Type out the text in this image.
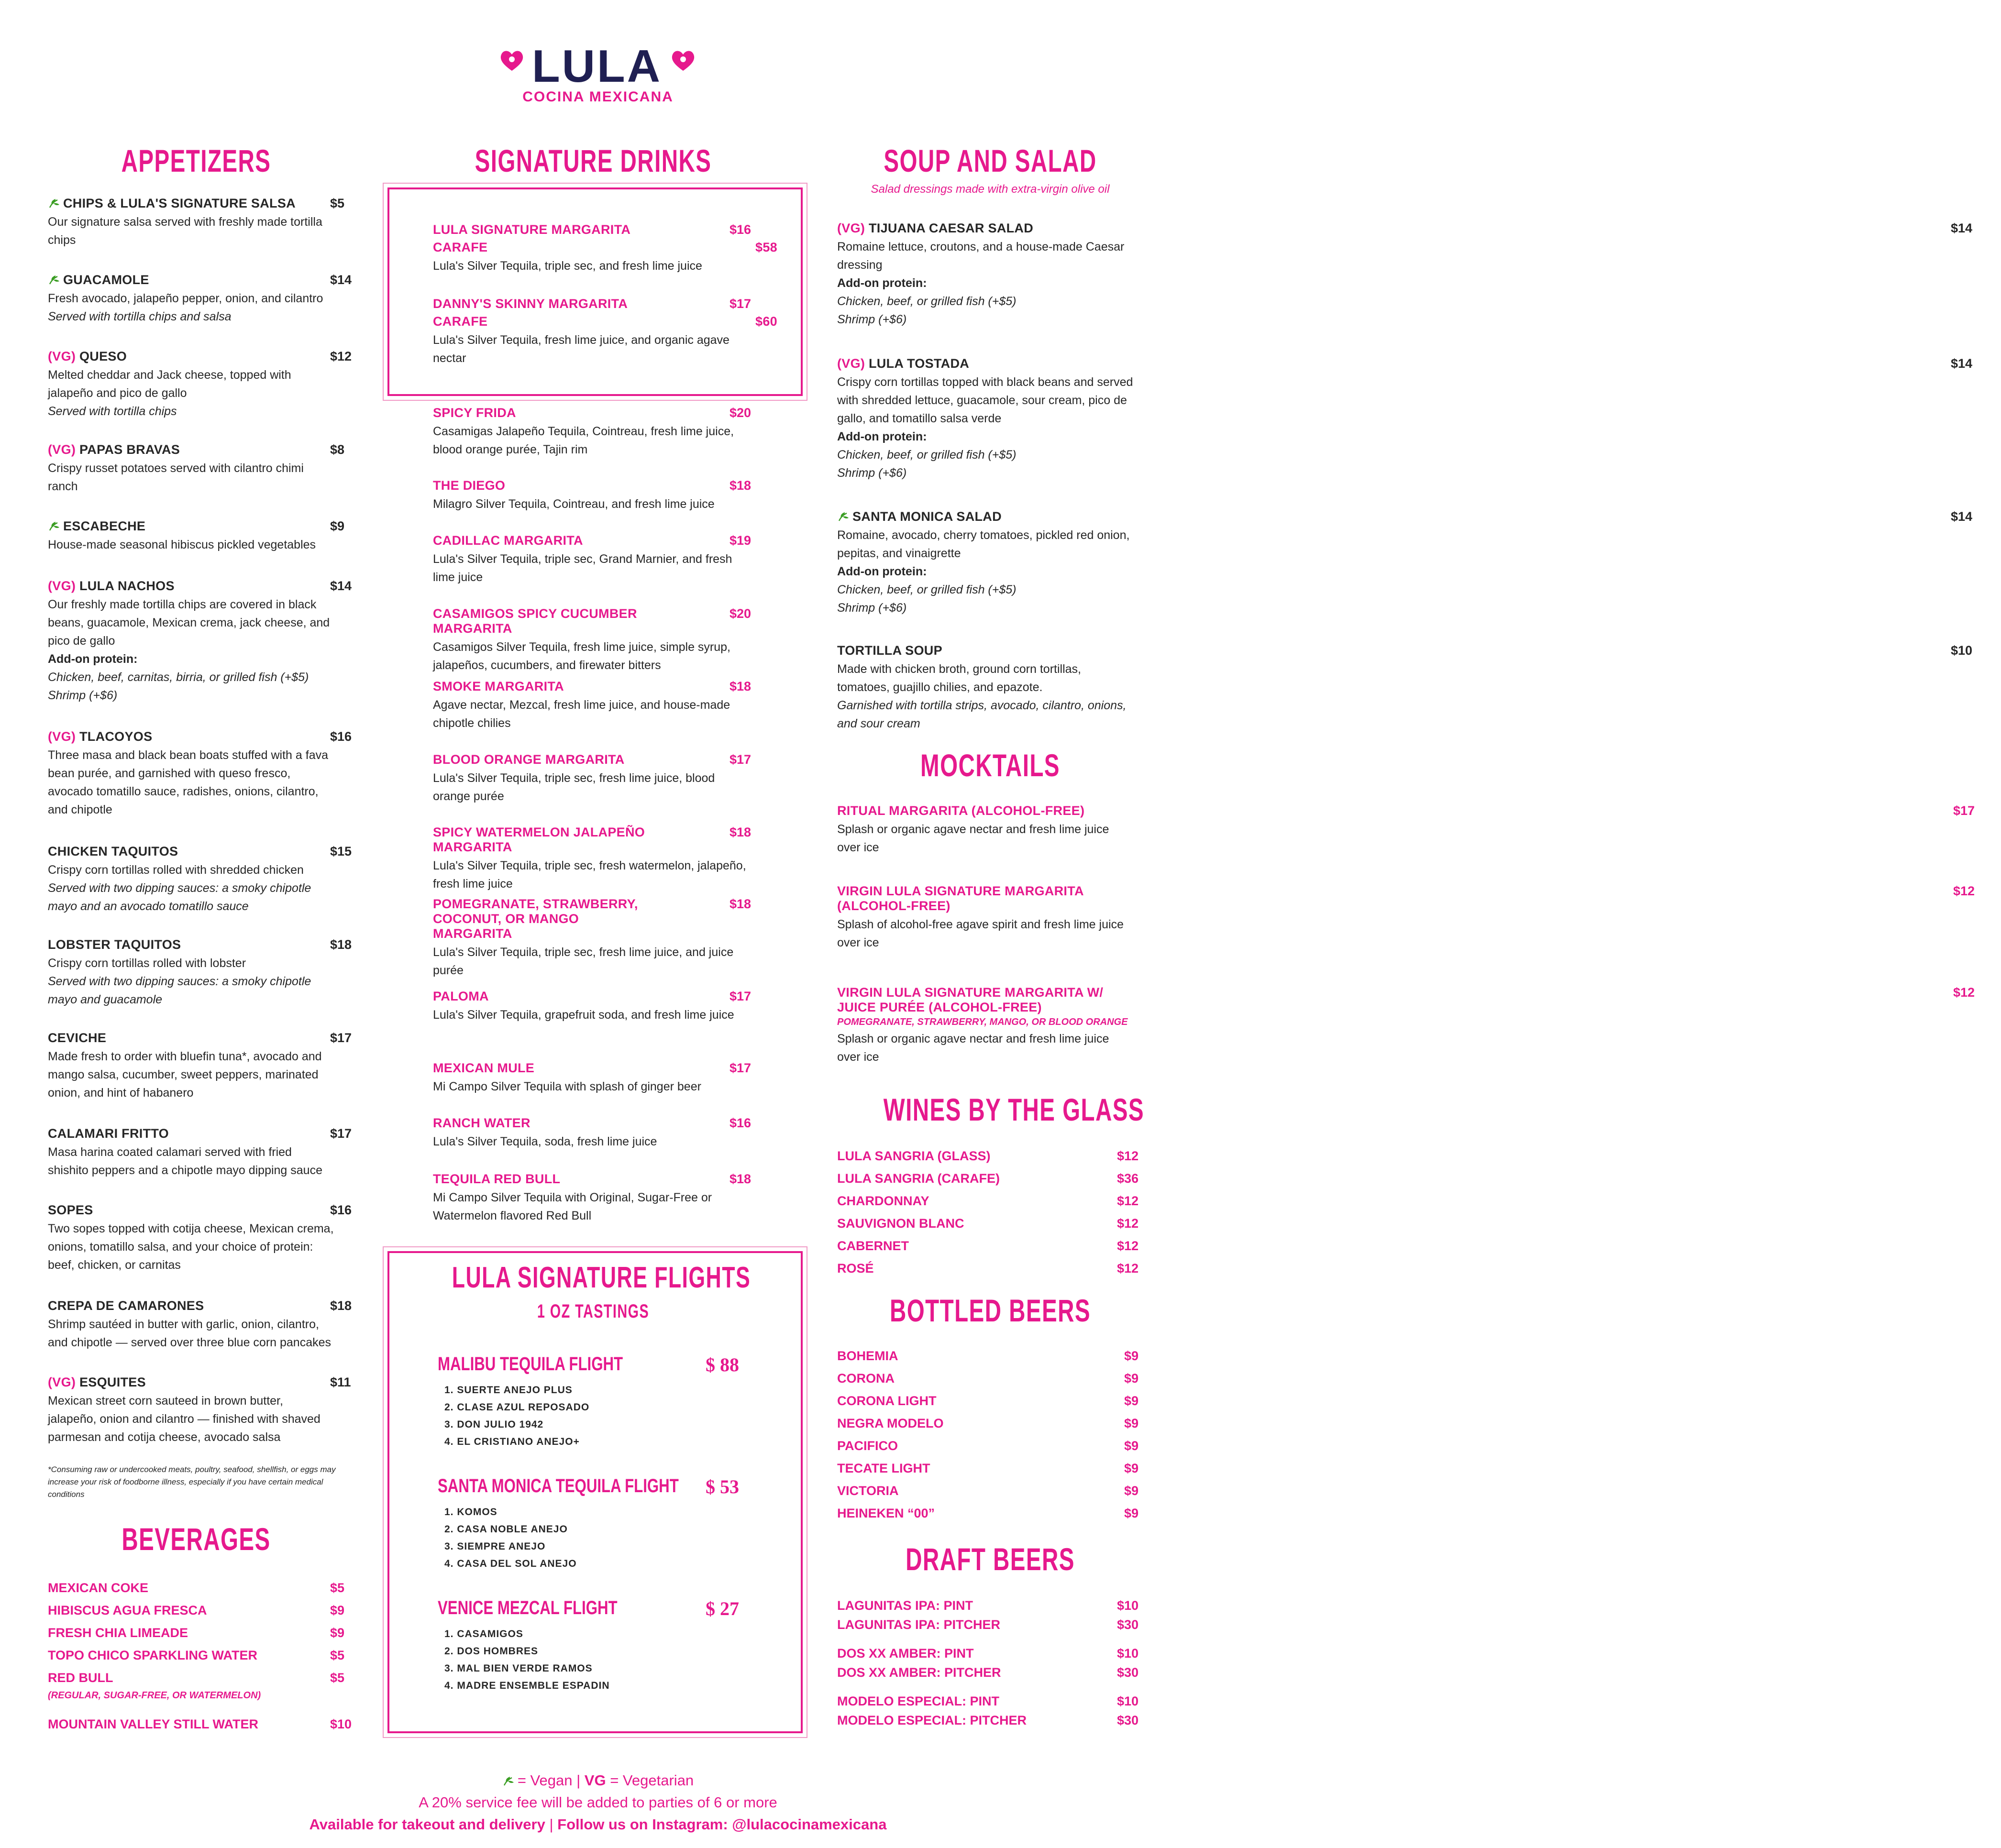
LULA
COCINA MEXICANA
APPETIZERS
CHIPS & LULA'S SIGNATURE SALSA	$5
Our signature salsa served with freshly made tortilla chips
GUACAMOLE	$14
Fresh avocado, jalapeño pepper, onion, and cilantro
Served with tortilla chips and salsa
(VG) QUESO	$12
Melted cheddar and Jack cheese, topped with jalapeño and pico de gallo
Served with tortilla chips
(VG) PAPAS BRAVAS	$8
Crispy russet potatoes served with cilantro chimi ranch
ESCABECHE	$9
House-made seasonal hibiscus pickled vegetables
(VG) LULA NACHOS	$14
Our freshly made tortilla chips are covered in black beans, guacamole, Mexican crema, jack cheese, and pico de gallo
Add-on protein:
Chicken, beef, carnitas, birria, or grilled fish (+$5)
Shrimp (+$6)
(VG) TLACOYOS	$16
Three masa and black bean boats stuffed with a fava bean purée, and garnished with queso fresco, avocado tomatillo sauce, radishes, onions, cilantro, and chipotle
CHICKEN TAQUITOS	$15
Crispy corn tortillas rolled with shredded chicken
Served with two dipping sauces: a smoky chipotle mayo and an avocado tomatillo sauce
LOBSTER TAQUITOS	$18
Crispy corn tortillas rolled with lobster
Served with two dipping sauces: a smoky chipotle mayo and guacamole
CEVICHE	$17
Made fresh to order with bluefin tuna*, avocado and mango salsa, cucumber, sweet peppers, marinated onion, and hint of habanero
CALAMARI FRITTO	$17
Masa harina coated calamari served with fried shishito peppers and a chipotle mayo dipping sauce
SOPES	$16
Two sopes topped with cotija cheese, Mexican crema, onions, tomatillo salsa, and your choice of protein: beef, chicken, or carnitas
CREPA DE CAMARONES	$18
Shrimp sautéed in butter with garlic, onion, cilantro, and chipotle — served over three blue corn pancakes
(VG) ESQUITES	$11
Mexican street corn sauteed in brown butter, jalapeño, onion and cilantro — finished with shaved parmesan and cotija cheese, avocado salsa
*Consuming raw or undercooked meats, poultry, seafood, shellfish, or eggs may increase your risk of foodborne illness, especially if you have certain medical conditions
BEVERAGES
MEXICAN COKE	$5
HIBISCUS AGUA FRESCA	$9
FRESH CHIA LIMEADE	$9
TOPO CHICO SPARKLING WATER	$5
RED BULL	$5
(REGULAR, SUGAR-FREE, OR WATERMELON)
MOUNTAIN VALLEY STILL WATER	$10
SIGNATURE DRINKS
LULA SIGNATURE MARGARITA	$16
CARAFE	$58
Lula's Silver Tequila, triple sec, and fresh lime juice
DANNY'S SKINNY MARGARITA	$17
CARAFE	$60
Lula's Silver Tequila, fresh lime juice, and organic agave nectar
SPICY FRIDA	$20
Casamigas Jalapeño Tequila, Cointreau, fresh lime juice, blood orange purée, Tajin rim
THE DIEGO	$18
Milagro Silver Tequila, Cointreau, and fresh lime juice
CADILLAC MARGARITA	$19
Lula's Silver Tequila, triple sec, Grand Marnier, and fresh lime juice
CASAMIGOS SPICY CUCUMBER MARGARITA
$20
Casamigos Silver Tequila, fresh lime juice, simple syrup, jalapeños, cucumbers, and firewater bitters
SMOKE MARGARITA	$18
Agave nectar, Mezcal, fresh lime juice, and house-made chipotle chilies
BLOOD ORANGE MARGARITA	$17
Lula's Silver Tequila, triple sec, fresh lime juice, blood orange purée
SPICY WATERMELON JALAPEÑO MARGARITA
$18
Lula's Silver Tequila, triple sec, fresh watermelon, jalapeño, fresh lime juice
POMEGRANATE, STRAWBERRY, COCONUT, OR MANGO MARGARITA
$18
Lula's Silver Tequila, triple sec, fresh lime juice, and juice purée
PALOMA	$17
Lula's Silver Tequila, grapefruit soda, and fresh lime juice
MEXICAN MULE	$17
Mi Campo Silver Tequila with splash of ginger beer
RANCH WATER	$16
Lula's Silver Tequila, soda, fresh lime juice
TEQUILA RED BULL	$18
Mi Campo Silver Tequila with Original, Sugar-Free or Watermelon flavored Red Bull
LULA SIGNATURE FLIGHTS
1 OZ TASTINGS
MALIBU TEQUILA FLIGHT	$ 88
1. SUERTE ANEJO PLUS
2. CLASE AZUL REPOSADO
3. DON JULIO 1942
4. EL CRISTIANO ANEJO+
SANTA MONICA TEQUILA FLIGHT $ 53
1. KOMOS
2. CASA NOBLE ANEJO
3. SIEMPRE ANEJO
4. CASA DEL SOL ANEJO
VENICE MEZCAL FLIGHT	$ 27
1. CASAMIGOS
2. DOS HOMBRES
3. MAL BIEN VERDE RAMOS
4. MADRE ENSEMBLE ESPADIN
SOUP AND SALAD
Salad dressings made with extra-virgin olive oil
(VG) TIJUANA CAESAR SALAD	$14
Romaine lettuce, croutons, and a house-made Caesar dressing
Add-on protein:
Chicken, beef, or grilled fish (+$5)
Shrimp (+$6)
(VG) LULA TOSTADA	$14
Crispy corn tortillas topped with black beans and served with shredded lettuce, guacamole, sour cream, pico de gallo, and tomatillo salsa verde
Add-on protein:
Chicken, beef, or grilled fish (+$5)
Shrimp (+$6)
SANTA MONICA SALAD	$14
Romaine, avocado, cherry tomatoes, pickled red onion, pepitas, and vinaigrette
Add-on protein:
Chicken, beef, or grilled fish (+$5)
Shrimp (+$6)
TORTILLA SOUP	$10
Made with chicken broth, ground corn tortillas, tomatoes, guajillo chilies, and epazote.
Garnished with tortilla strips, avocado, cilantro, onions, and sour cream
MOCKTAILS
RITUAL MARGARITA (ALCOHOL-FREE)	$17
Splash or organic agave nectar and fresh lime juice over ice
VIRGIN LULA SIGNATURE MARGARITA (ALCOHOL-FREE)
$12
Splash of alcohol-free agave spirit and fresh lime juice over ice
VIRGIN LULA SIGNATURE MARGARITA W/ JUICE PURÉE (ALCOHOL-FREE)
$12
POMEGRANATE, STRAWBERRY, MANGO, OR BLOOD ORANGE
Splash or organic agave nectar and fresh lime juice over ice
WINES BY THE GLASS
LULA SANGRIA (GLASS)	$12
LULA SANGRIA (CARAFE)	$36
CHARDONNAY	$12
SAUVIGNON BLANC	$12
CABERNET	$12
ROSÉ	$12
BOTTLED BEERS
BOHEMIA	$9
CORONA	$9
CORONA LIGHT	$9
NEGRA MODELO	$9
PACIFICO	$9
TECATE LIGHT	$9
VICTORIA	$9
HEINEKEN “00”	$9
DRAFT BEERS
LAGUNITAS IPA: PINT	$10
LAGUNITAS IPA: PITCHER	$30
DOS XX AMBER: PINT	$10
DOS XX AMBER: PITCHER	$30
MODELO ESPECIAL: PINT	$10
MODELO ESPECIAL: PITCHER	$30
= Vegan | VG = Vegetarian
A 20% service fee will be added to parties of 6 or more
Available for takeout and delivery | Follow us on Instagram: @lulacocinamexicana
